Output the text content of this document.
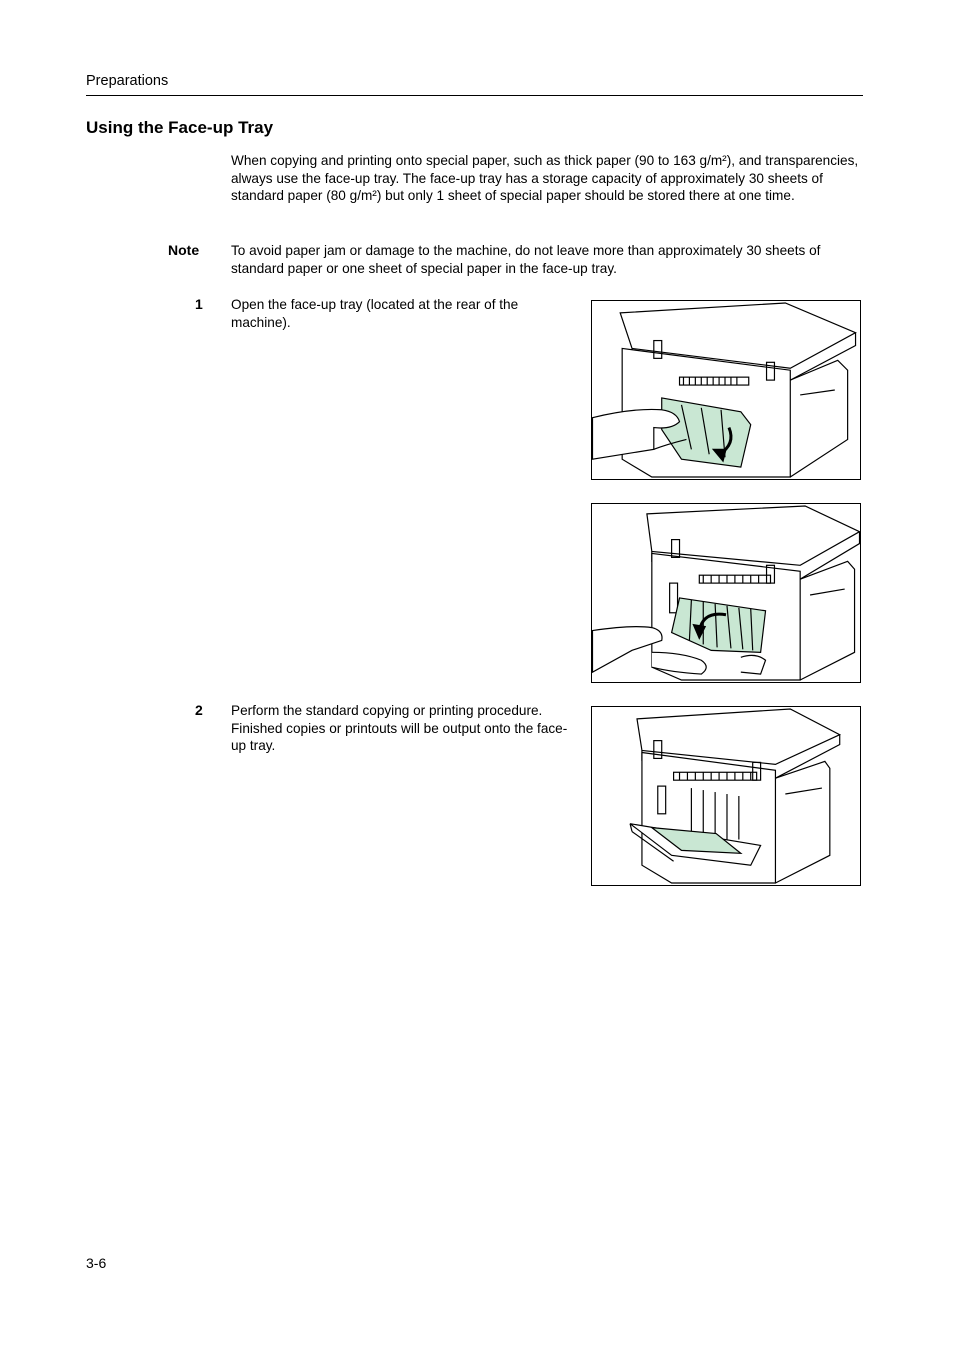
Preparations
Using the Face-up Tray
When copying and printing onto special paper, such as thick paper (90 to 163 g/m²), and transparencies, always use the face-up tray. The face-up tray has a storage capacity of approximately 30 sheets of standard paper (80 g/m²) but only 1 sheet of special paper should be stored there at one time.
Note To avoid paper jam or damage to the machine, do not leave more than approximately 30 sheets of standard paper or one sheet of special paper in the face-up tray.
1 Open the face-up tray (located at the rear of the machine).
2 Perform the standard copying or printing procedure. Finished copies or printouts will be output onto the face-up tray.
3-6
